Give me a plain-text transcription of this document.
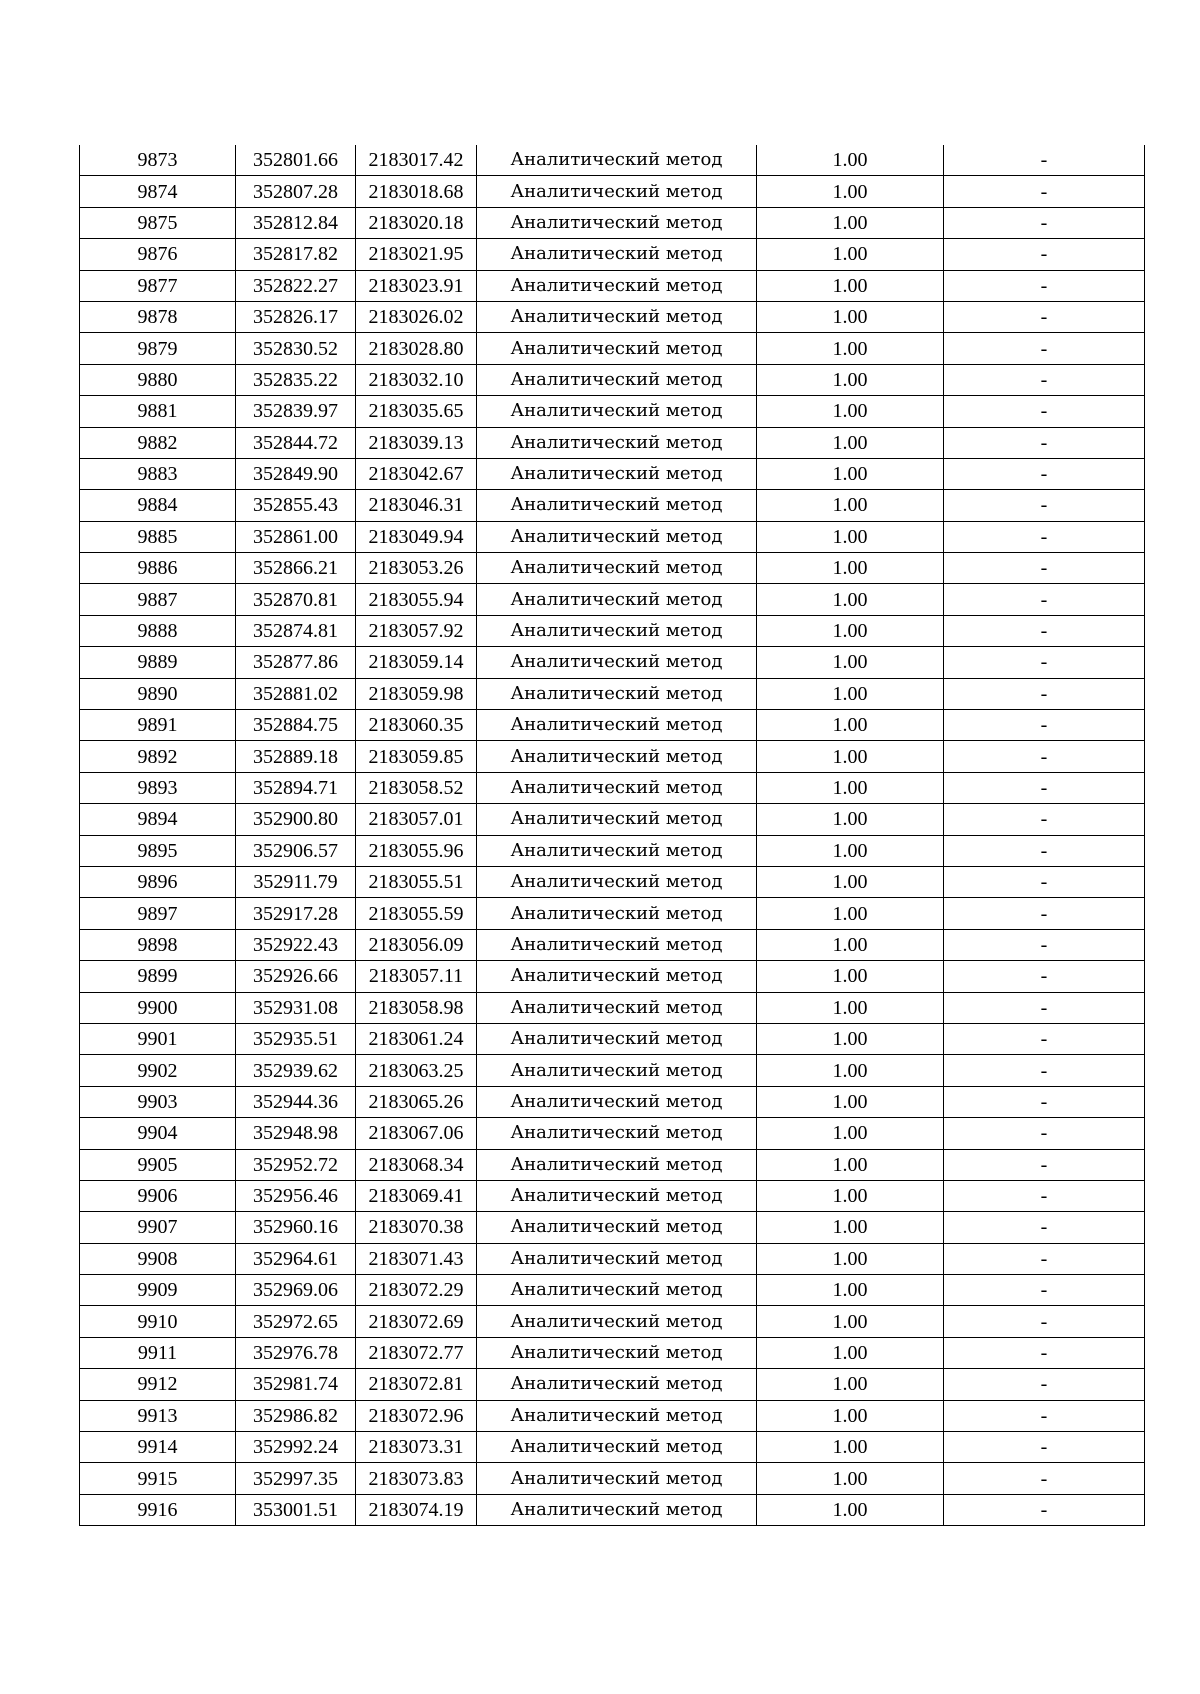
9873	352801.66	2183017.42	Аналитический метод	1.00	-
9874	352807.28	2183018.68	Аналитический метод	1.00	-
9875	352812.84	2183020.18	Аналитический метод	1.00	-
9876	352817.82	2183021.95	Аналитический метод	1.00	-
9877	352822.27	2183023.91	Аналитический метод	1.00	-
9878	352826.17	2183026.02	Аналитический метод	1.00	-
9879	352830.52	2183028.80	Аналитический метод	1.00	-
9880	352835.22	2183032.10	Аналитический метод	1.00	-
9881	352839.97	2183035.65	Аналитический метод	1.00	-
9882	352844.72	2183039.13	Аналитический метод	1.00	-
9883	352849.90	2183042.67	Аналитический метод	1.00	-
9884	352855.43	2183046.31	Аналитический метод	1.00	-
9885	352861.00	2183049.94	Аналитический метод	1.00	-
9886	352866.21	2183053.26	Аналитический метод	1.00	-
9887	352870.81	2183055.94	Аналитический метод	1.00	-
9888	352874.81	2183057.92	Аналитический метод	1.00	-
9889	352877.86	2183059.14	Аналитический метод	1.00	-
9890	352881.02	2183059.98	Аналитический метод	1.00	-
9891	352884.75	2183060.35	Аналитический метод	1.00	-
9892	352889.18	2183059.85	Аналитический метод	1.00	-
9893	352894.71	2183058.52	Аналитический метод	1.00	-
9894	352900.80	2183057.01	Аналитический метод	1.00	-
9895	352906.57	2183055.96	Аналитический метод	1.00	-
9896	352911.79	2183055.51	Аналитический метод	1.00	-
9897	352917.28	2183055.59	Аналитический метод	1.00	-
9898	352922.43	2183056.09	Аналитический метод	1.00	-
9899	352926.66	2183057.11	Аналитический метод	1.00	-
9900	352931.08	2183058.98	Аналитический метод	1.00	-
9901	352935.51	2183061.24	Аналитический метод	1.00	-
9902	352939.62	2183063.25	Аналитический метод	1.00	-
9903	352944.36	2183065.26	Аналитический метод	1.00	-
9904	352948.98	2183067.06	Аналитический метод	1.00	-
9905	352952.72	2183068.34	Аналитический метод	1.00	-
9906	352956.46	2183069.41	Аналитический метод	1.00	-
9907	352960.16	2183070.38	Аналитический метод	1.00	-
9908	352964.61	2183071.43	Аналитический метод	1.00	-
9909	352969.06	2183072.29	Аналитический метод	1.00	-
9910	352972.65	2183072.69	Аналитический метод	1.00	-
9911	352976.78	2183072.77	Аналитический метод	1.00	-
9912	352981.74	2183072.81	Аналитический метод	1.00	-
9913	352986.82	2183072.96	Аналитический метод	1.00	-
9914	352992.24	2183073.31	Аналитический метод	1.00	-
9915	352997.35	2183073.83	Аналитический метод	1.00	-
9916	353001.51	2183074.19	Аналитический метод	1.00	-
